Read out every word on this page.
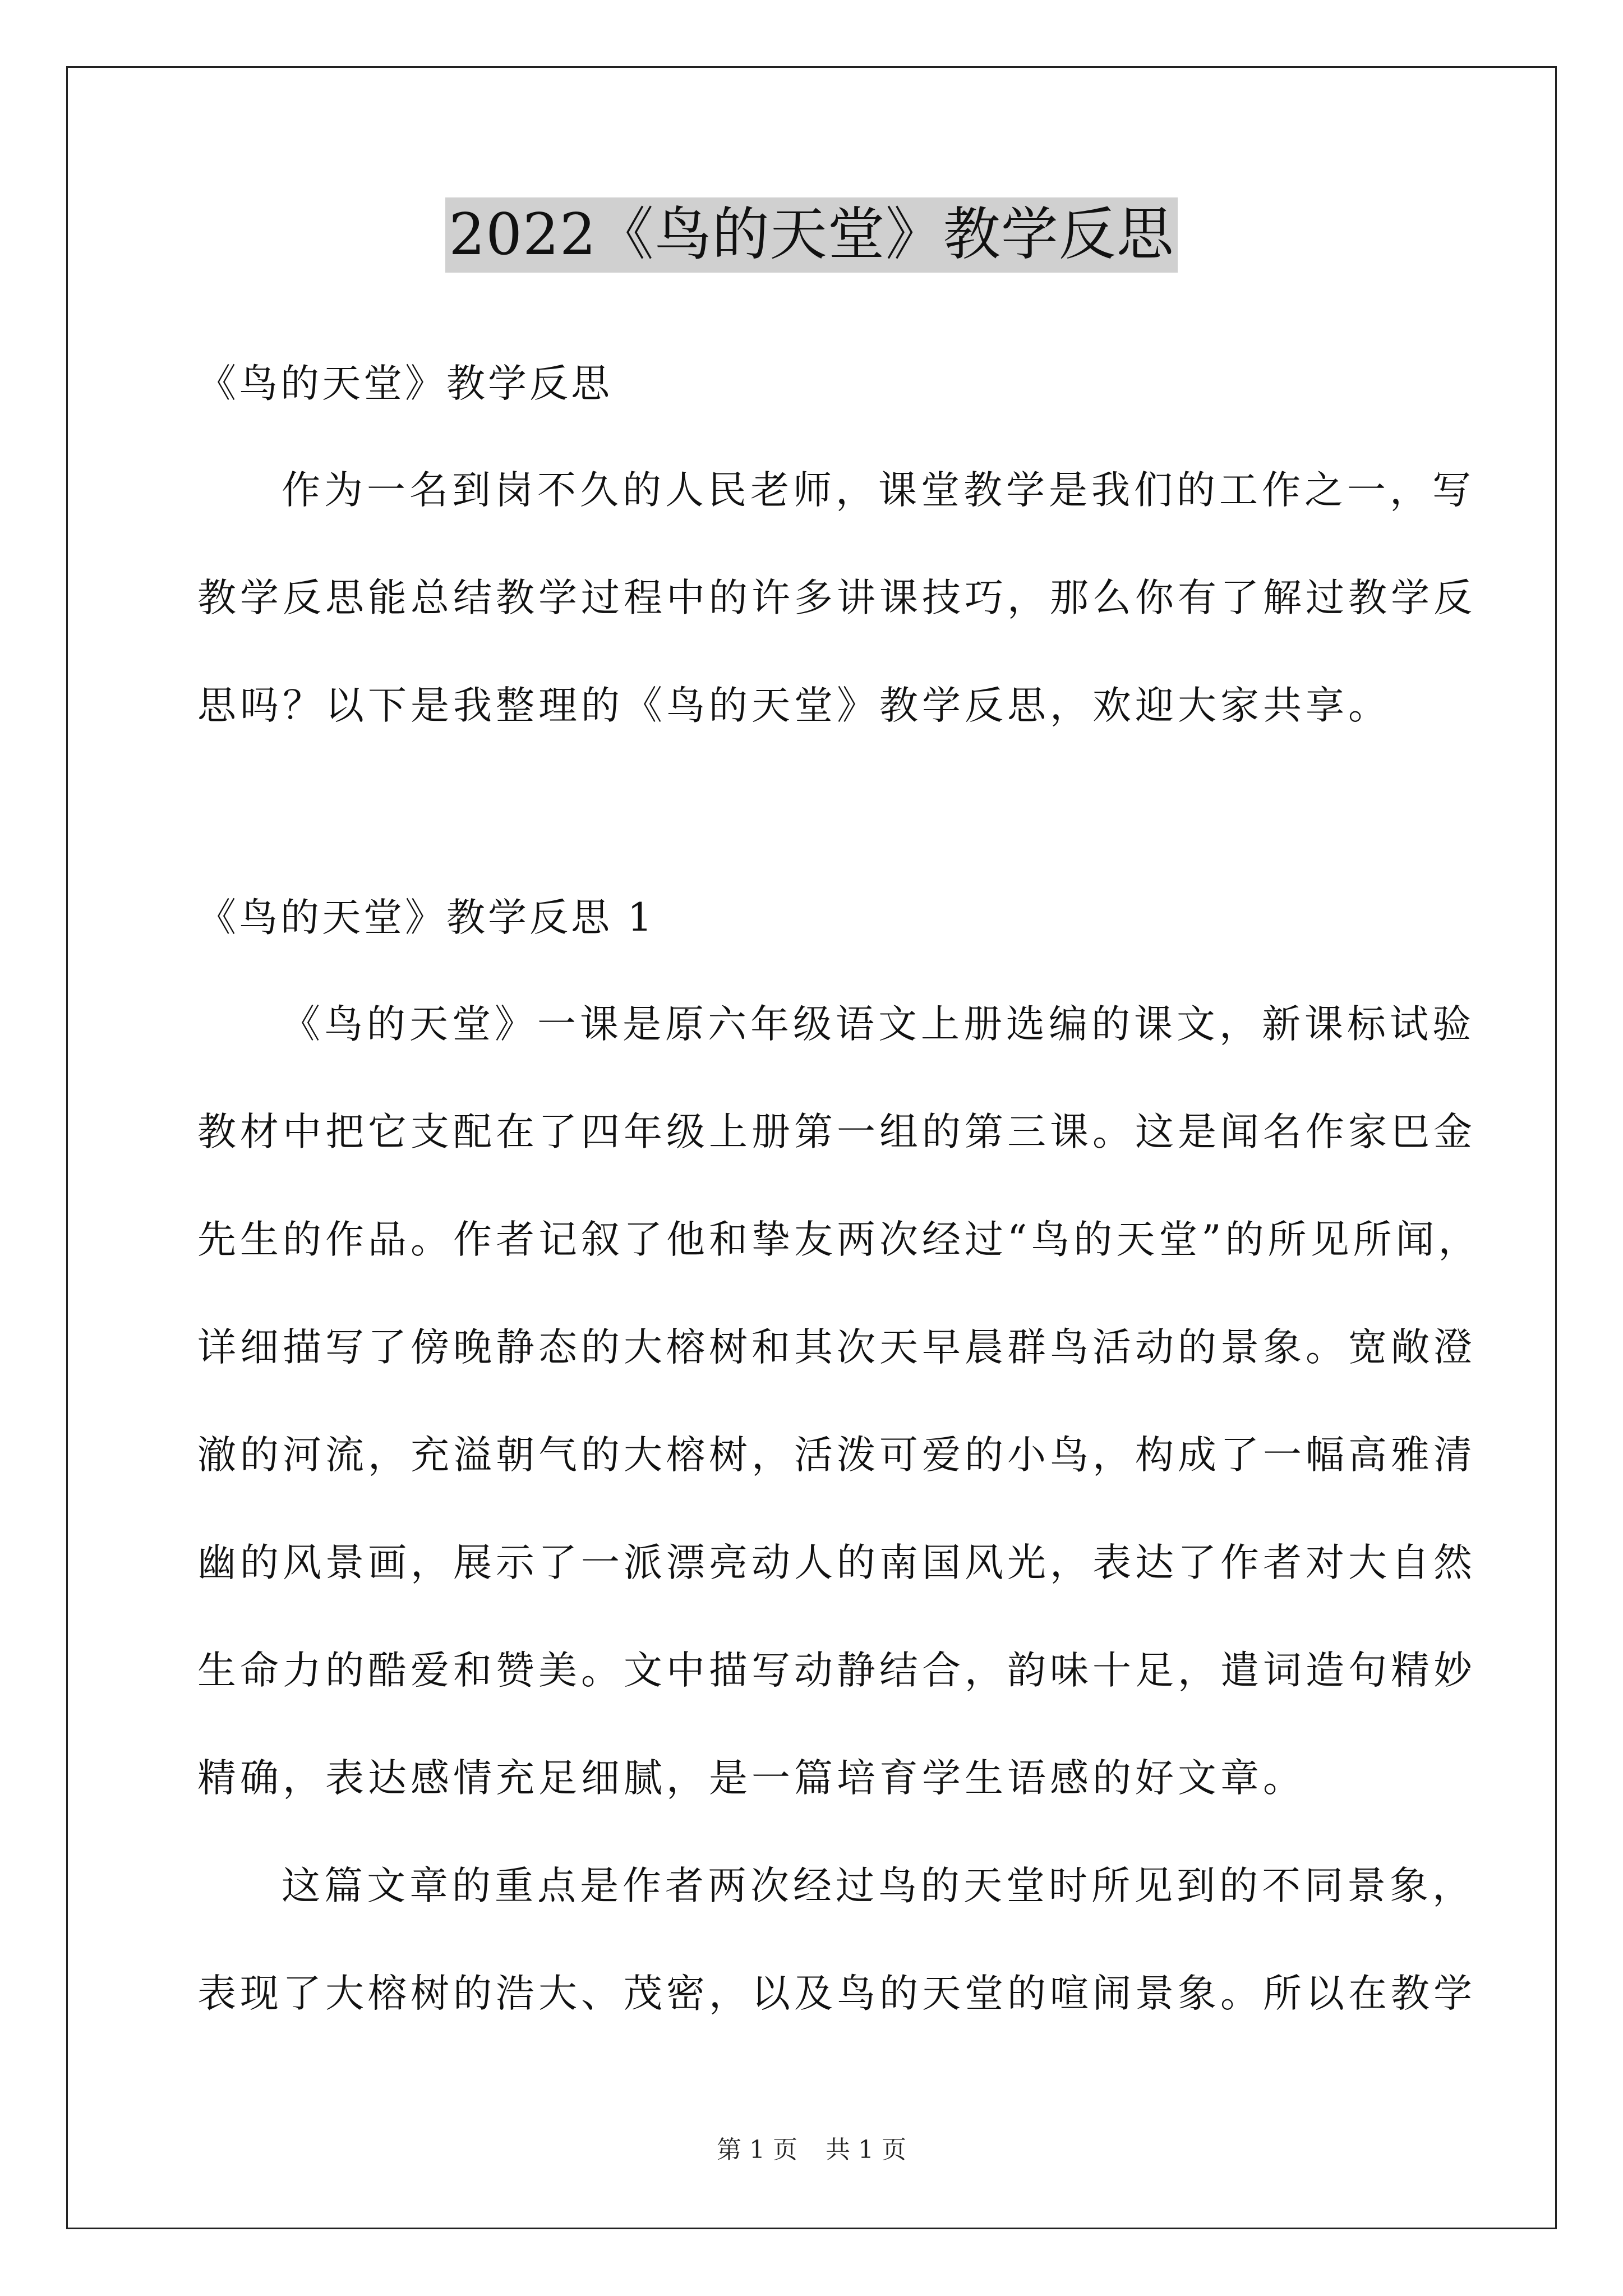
2022《鸟的天堂》教学反思
《鸟的天堂》教学反思
作为一名到岗不久的人民老师，课堂教学是我们的工作之一，写
教学反思能总结教学过程中的许多讲课技巧，那么你有了解过教学反
思吗？以下是我整理的《鸟的天堂》教学反思，欢迎大家共享。
《鸟的天堂》教学反思 1
《鸟的天堂》一课是原六年级语文上册选编的课文，新课标试验
教材中把它支配在了四年级上册第一组的第三课。这是闻名作家巴金
先生的作品。作者记叙了他和挚友两次经过“鸟的天堂”的所见所闻，
详细描写了傍晚静态的大榕树和其次天早晨群鸟活动的景象。宽敞澄
澈的河流，充溢朝气的大榕树，活泼可爱的小鸟，构成了一幅高雅清
幽的风景画，展示了一派漂亮动人的南国风光，表达了作者对大自然
生命力的酷爱和赞美。文中描写动静结合，韵味十足，遣词造句精妙
精确，表达感情充足细腻，是一篇培育学生语感的好文章。
这篇文章的重点是作者两次经过鸟的天堂时所见到的不同景象，
表现了大榕树的浩大、茂密，以及鸟的天堂的喧闹景象。所以在教学
第 1 页 共 1 页
